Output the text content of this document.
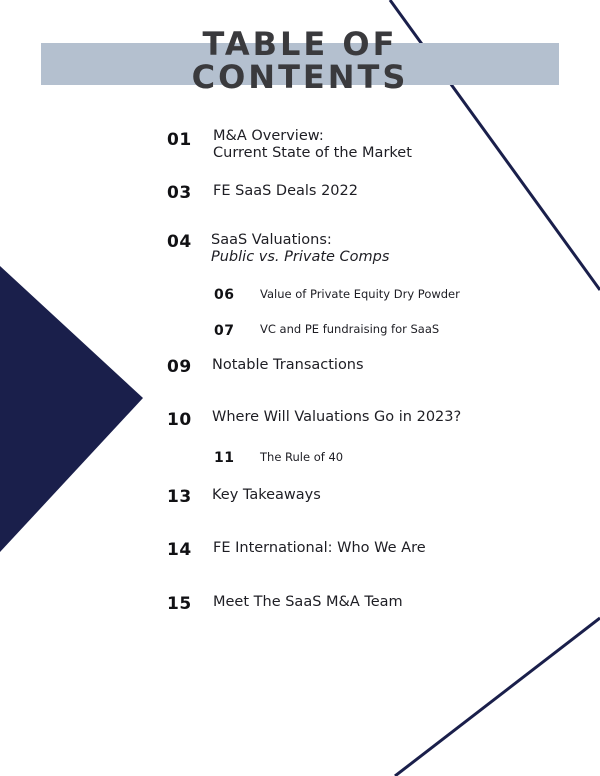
TABLE OF
CONTENTS
01 M&A Overview:
Current State of the Market
03 FE SaaS Deals 2022
04 SaaS Valuations:
Public vs. Private Comps
06 Value of Private Equity Dry Powder
07 VC and PE fundraising for SaaS
09 Notable Transactions
10 Where Will Valuations Go in 2023?
11 The Rule of 40
13 Key Takeaways
14 FE International: Who We Are
15 Meet The SaaS M&A Team
